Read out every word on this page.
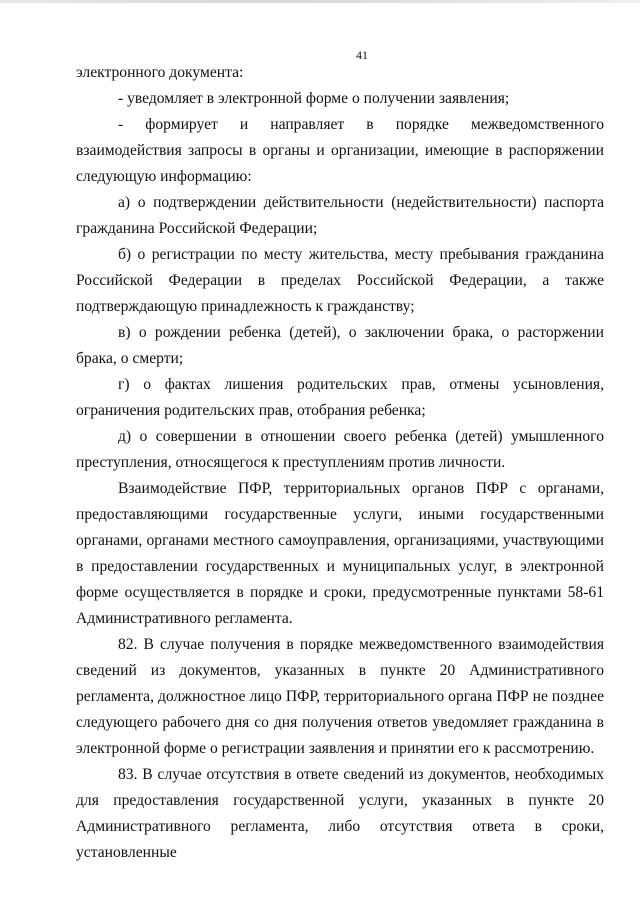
41

электронного документа:

- уведомляет в электронной форме о получении заявления;

- формирует и направляет в порядке межведомственного взаимодействия запросы в органы и организации, имеющие в распоряжении следующую информацию:

а) о подтверждении действительности (недействительности) паспорта гражданина Российской Федерации;

б) о регистрации по месту жительства, месту пребывания гражданина Российской Федерации в пределах Российской Федерации, а также подтверждающую принадлежность к гражданству;

в) о рождении ребенка (детей), о заключении брака, о расторжении брака, о смерти;

г) о фактах лишения родительских прав, отмены усыновления, ограничения родительских прав, отобрания ребенка;

д) о совершении в отношении своего ребенка (детей) умышленного преступления, относящегося к преступлениям против личности.

Взаимодействие ПФР, территориальных органов ПФР с органами, предоставляющими государственные услуги, иными государственными органами, органами местного самоуправления, организациями, участвующими в предоставлении государственных и муниципальных услуг, в электронной форме осуществляется в порядке и сроки, предусмотренные пунктами 58-61 Административного регламента.

82. В случае получения в порядке межведомственного взаимодействия сведений из документов, указанных в пункте 20 Административного регламента, должностное лицо ПФР, территориального органа ПФР не позднее следующего рабочего дня со дня получения ответов уведомляет гражданина в электронной форме о регистрации заявления и принятии его к рассмотрению.

83. В случае отсутствия в ответе сведений из документов, необходимых для предоставления государственной услуги, указанных в пункте 20 Административного регламента, либо отсутствия ответа в сроки, установленные
